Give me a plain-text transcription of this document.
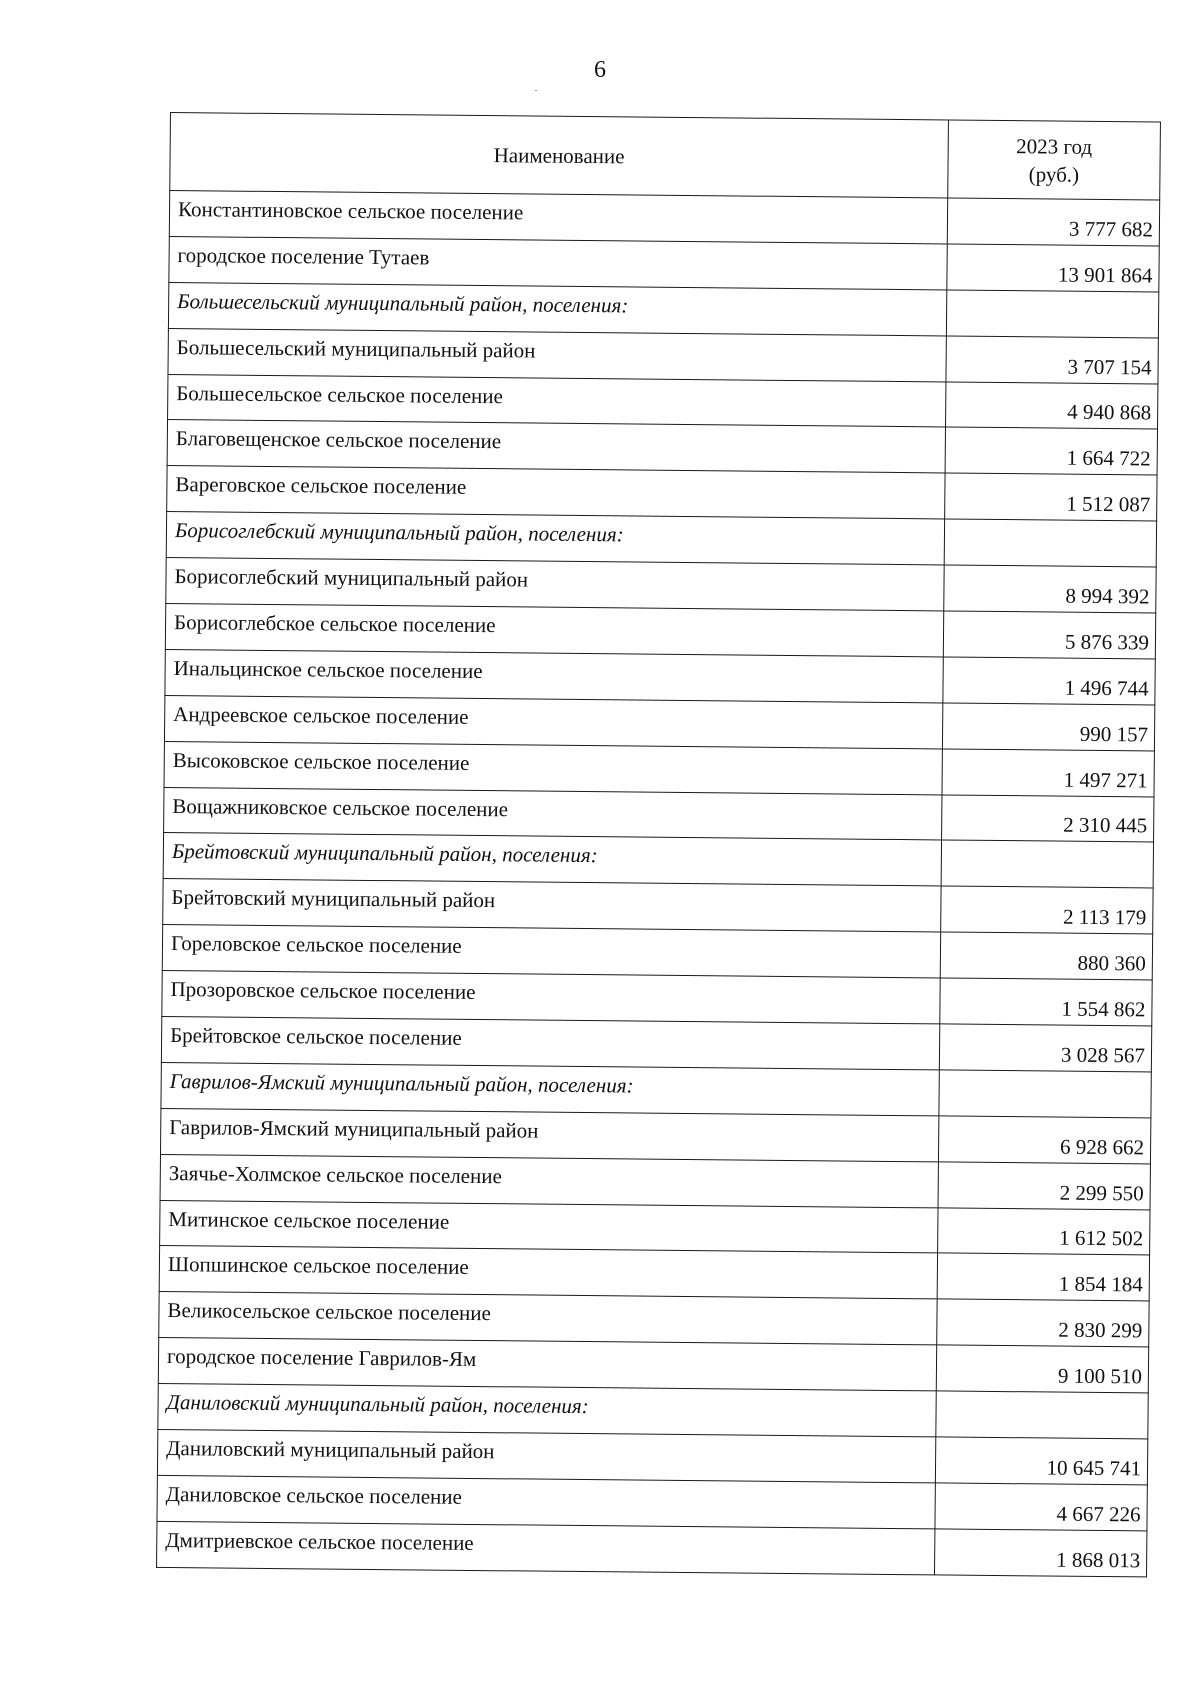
6
Наименование	2023 год
(руб.)

Константиновское сельское поселение	3 777 682
городское поселение Тутаев	13 901 864
Большесельский муниципальный район, поселения:	
Большесельский муниципальный район	3 707 154
Большесельское сельское поселение	4 940 868
Благовещенское сельское поселение	1 664 722
Вареговское сельское поселение	1 512 087
Борисоглебский муниципальный район, поселения:	
Борисоглебский муниципальный район	8 994 392
Борисоглебское сельское поселение	5 876 339
Инальцинское сельское поселение	1 496 744
Андреевское сельское поселение	990 157
Высоковское сельское поселение	1 497 271
Вощажниковское сельское поселение	2 310 445
Брейтовский муниципальный район, поселения:	
Брейтовский муниципальный район	2 113 179
Гореловское сельское поселение	880 360
Прозоровское сельское поселение	1 554 862
Брейтовское сельское поселение	3 028 567
Гаврилов-Ямский муниципальный район, поселения:	
Гаврилов-Ямский муниципальный район	6 928 662
Заячье-Холмское сельское поселение	2 299 550
Митинское сельское поселение	1 612 502
Шопшинское сельское поселение	1 854 184
Великосельское сельское поселение	2 830 299
городское поселение Гаврилов-Ям	9 100 510
Даниловский муниципальный район, поселения:	
Даниловский муниципальный район	10 645 741
Даниловское сельское поселение	4 667 226
Дмитриевское сельское поселение	1 868 013
